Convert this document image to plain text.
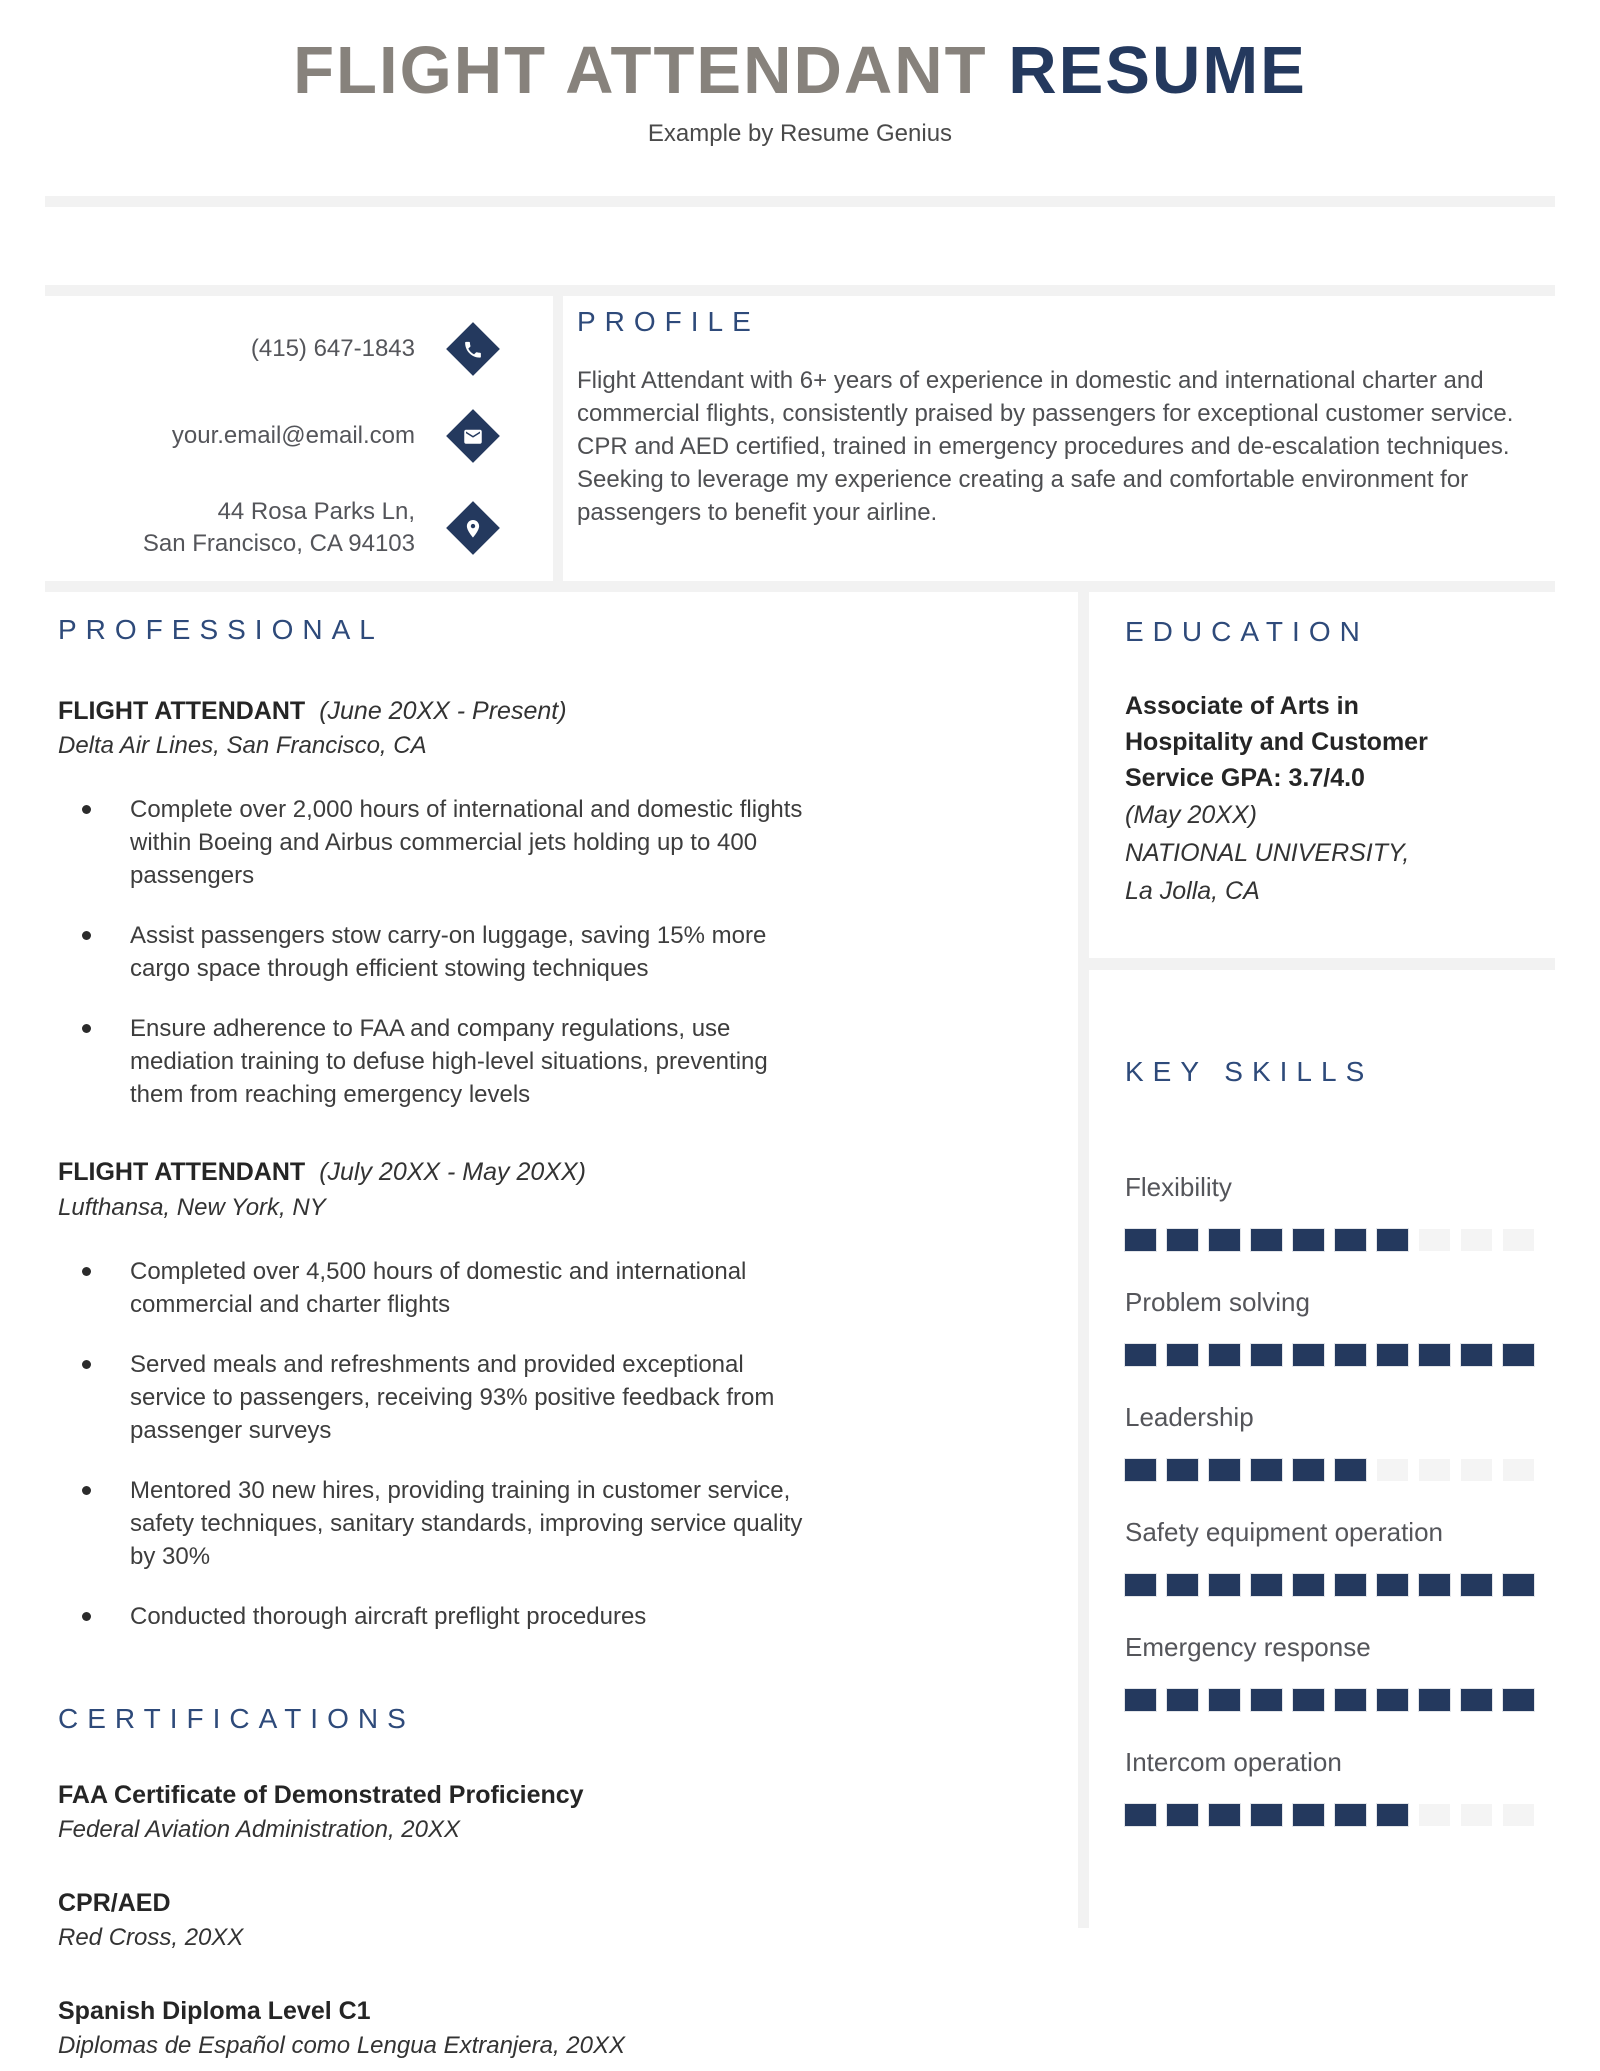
FLIGHT ATTENDANT RESUME
Example by Resume Genius
(415) 647-1843
your.email@email.com
44 Rosa Parks Ln,
San Francisco, CA 94103
PROFILE
Flight Attendant with 6+ years of experience in domestic and international charter and commercial flights, consistently praised by passengers for exceptional customer service. CPR and AED certified, trained in emergency procedures and de-escalation techniques. Seeking to leverage my experience creating a safe and comfortable environment for passengers to benefit your airline.
PROFESSIONAL
FLIGHT ATTENDANT (June 20XX - Present)
Delta Air Lines, San Francisco, CA
Complete over 2,000 hours of international and domestic flights within Boeing and Airbus commercial jets holding up to 400 passengers
Assist passengers stow carry-on luggage, saving 15% more cargo space through efficient stowing techniques
Ensure adherence to FAA and company regulations, use mediation training to defuse high-level situations, preventing them from reaching emergency levels
FLIGHT ATTENDANT (July 20XX - May 20XX)
Lufthansa, New York, NY
Completed over 4,500 hours of domestic and international commercial and charter flights
Served meals and refreshments and provided exceptional service to passengers, receiving 93% positive feedback from passenger surveys
Mentored 30 new hires, providing training in customer service, safety techniques, sanitary standards, improving service quality by 30%
Conducted thorough aircraft preflight procedures
CERTIFICATIONS
FAA Certificate of Demonstrated Proficiency
Federal Aviation Administration, 20XX
CPR/AED
Red Cross, 20XX
Spanish Diploma Level C1
Diplomas de Español como Lengua Extranjera, 20XX
EDUCATION
Associate of Arts in Hospitality and Customer Service GPA: 3.7/4.0
(May 20XX)
NATIONAL UNIVERSITY,
La Jolla, CA
KEY SKILLS
Flexibility
Problem solving
Leadership
Safety equipment operation
Emergency response
Intercom operation
